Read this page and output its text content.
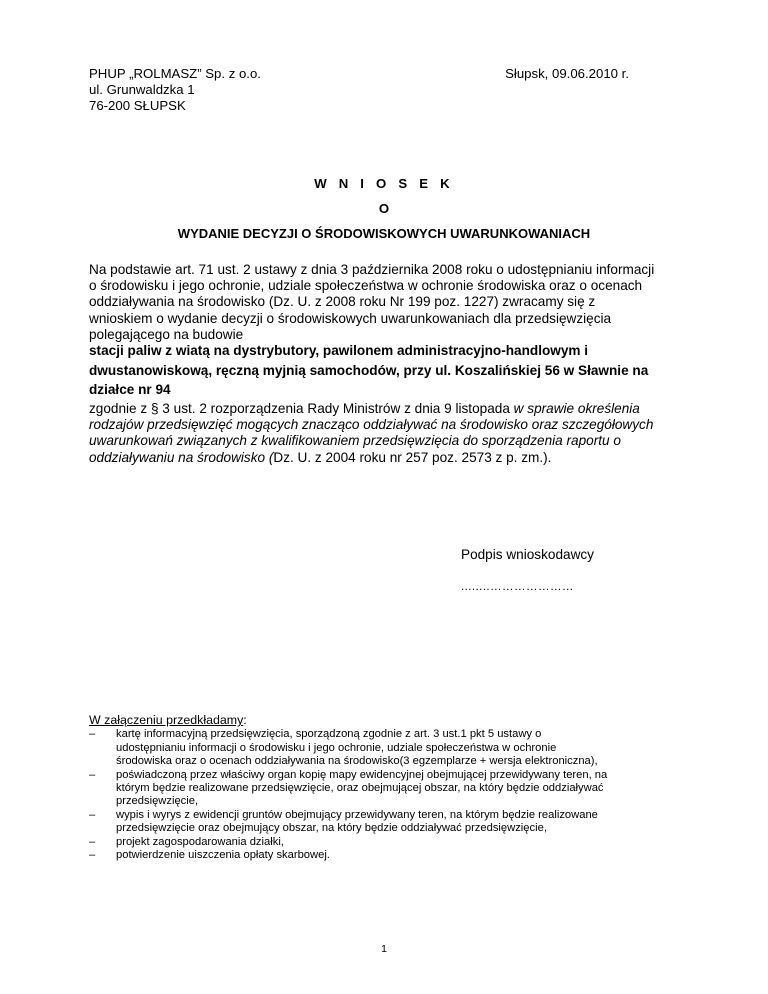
PHUP „ROLMASZ” Sp. z o.o.
ul. Grunwaldzka 1
76-200 SŁUPSK
Słupsk, 09.06.2010 r.
W N I O S E K
O
WYDANIE DECYZJI O ŚRODOWISKOWYCH UWARUNKOWANIACH
Na podstawie art. 71 ust. 2 ustawy z dnia 3 października 2008 roku o udostępnianiu informacji
o środowisku i jego ochronie, udziale społeczeństwa w ochronie środowiska oraz o ocenach
oddziaływania na środowisko (Dz. U. z 2008 roku Nr 199 poz. 1227) zwracamy się z
wnioskiem o wydanie decyzji o środowiskowych uwarunkowaniach dla przedsięwzięcia
polegającego na budowie
stacji paliw z wiatą na dystrybutory, pawilonem administracyjno-handlowym i
dwustanowiskową, ręczną myjnią samochodów, przy ul. Koszalińskiej 56 w Sławnie na
działce nr 94
zgodnie z § 3 ust. 2 rozporządzenia Rady Ministrów z dnia 9 listopada w sprawie określenia
rodzajów przedsięwzięć mogących znacząco oddziaływać na środowisko oraz szczegółowych
uwarunkowań związanych z kwalifikowaniem przedsięwzięcia do sporządzenia raportu o
oddziaływaniu na środowisko (Dz. U. z 2004 roku nr 257 poz. 2573 z p. zm.).
Podpis wnioskodawcy
........…………………
W załączeniu przedkładamy:
– kartę informacyjną przedsięwzięcia, sporządzoną zgodnie z art. 3 ust.1 pkt 5 ustawy o
udostępnianiu informacji o środowisku i jego ochronie, udziale społeczeństwa w ochronie
środowiska oraz o ocenach oddziaływania na środowisko(3 egzemplarze + wersja elektroniczna),
– poświadczoną przez właściwy organ kopię mapy ewidencyjnej obejmującej przewidywany teren, na
którym będzie realizowane przedsięwzięcie, oraz obejmującej obszar, na który będzie oddziaływać
przedsięwzięcie,
– wypis i wyrys z ewidencji gruntów obejmujący przewidywany teren, na którym będzie realizowane
przedsięwzięcie oraz obejmujący obszar, na który będzie oddziaływać przedsięwzięcie,
– projekt zagospodarowania działki,
– potwierdzenie uiszczenia opłaty skarbowej.
1
